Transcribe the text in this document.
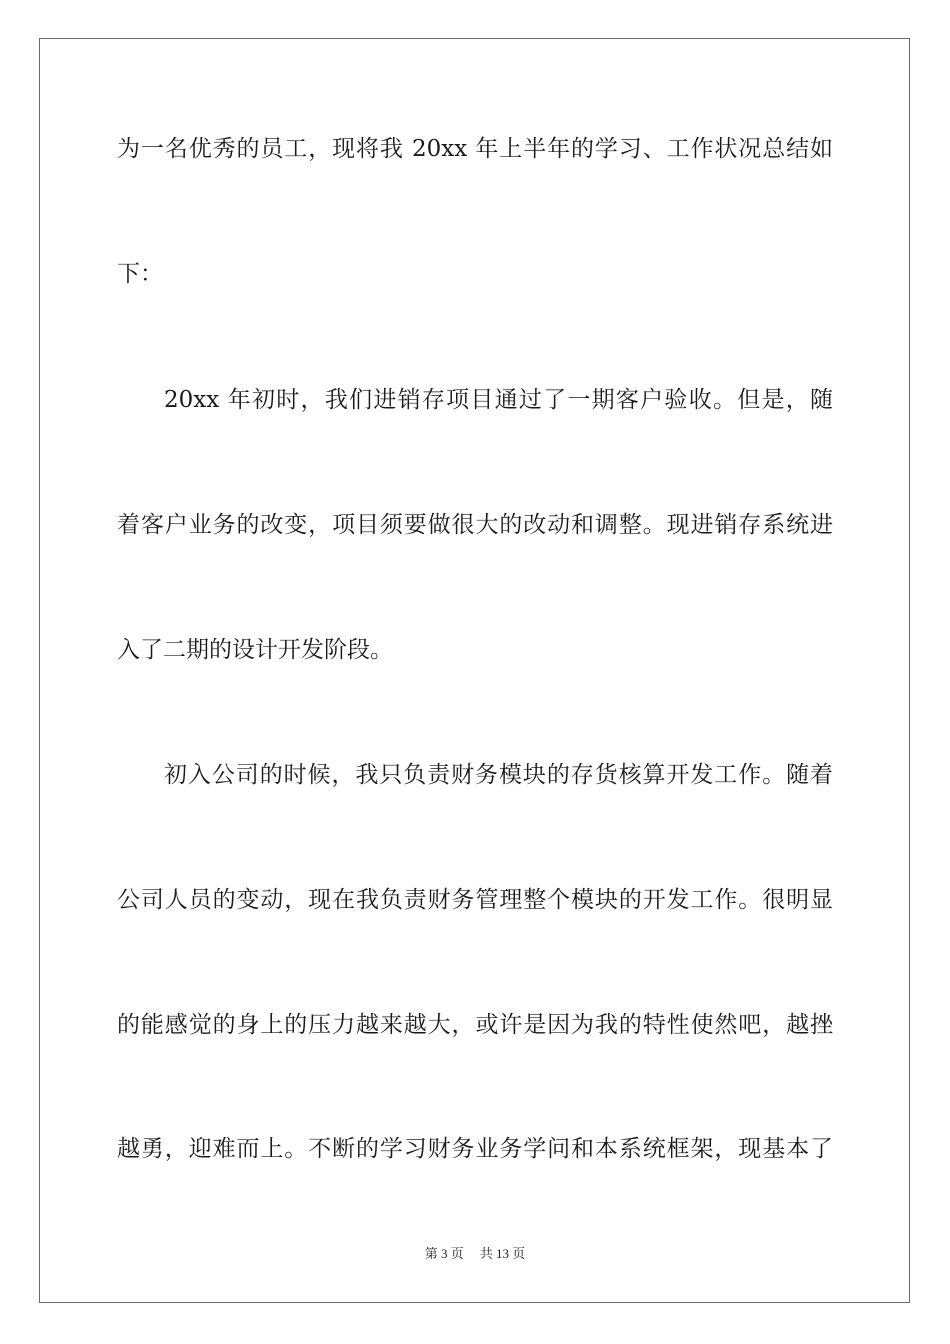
为一名优秀的员工，现将我 20xx 年上半年的学习、工作状况总结如
下：
20xx 年初时，我们进销存项目通过了一期客户验收。但是，随
着客户业务的改变，项目须要做很大的改动和调整。现进销存系统进
入了二期的设计开发阶段。
初入公司的时候，我只负责财务模块的存货核算开发工作。随着
公司人员的变动，现在我负责财务管理整个模块的开发工作。很明显
的能感觉的身上的压力越来越大，或许是因为我的特性使然吧，越挫
越勇，迎难而上。不断的学习财务业务学问和本系统框架，现基本了
第 3 页 共 13 页
